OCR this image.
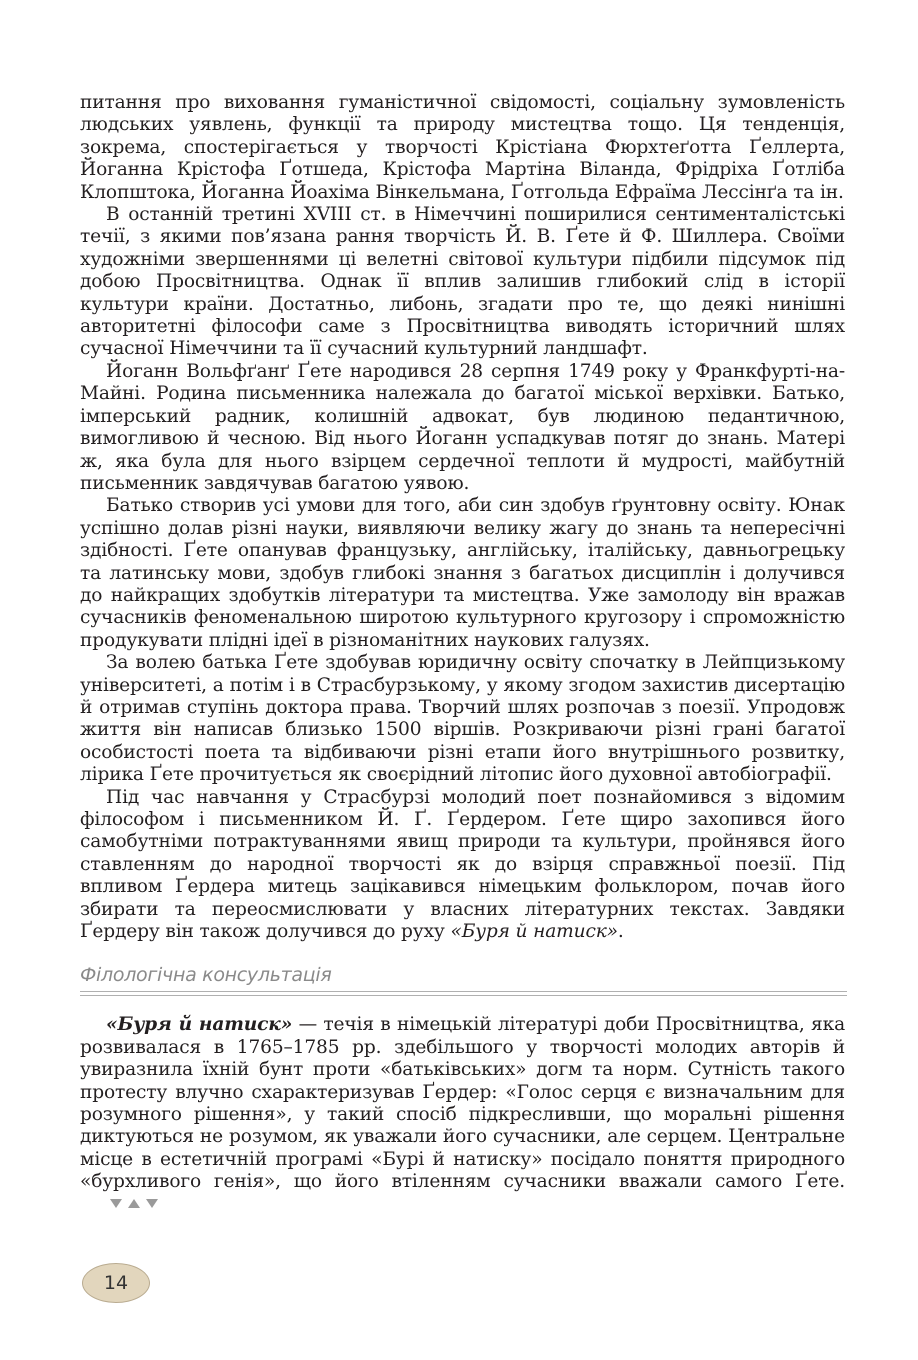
питання про виховання гуманістичної свідомості, соціальну зумовленість людських уявлень, функції та природу мистецтва тощо. Ця тенденція, зокрема, спостерігається у творчості Крістіана Фюрхтеґотта Ґеллерта, Йоганна Крістофа Ґотшеда, Крістофа Мартіна Віланда, Фрідріха Ґотліба Клопштока, Йоганна Йоахіма Вінкельмана, Ґотгольда Ефраїма Лессінґа та ін.

В останній третині XVIII ст. в Німеччині поширилися сентименталістські течії, з якими пов’язана рання творчість Й. В. Ґете й Ф. Шиллера. Своїми художніми звершеннями ці велетні світової культури підбили підсумок під добою Просвітництва. Однак її вплив залишив глибокий слід в історії культури країни. Достатньо, либонь, згадати про те, що деякі нинішні авторитетні філософи саме з Просвітництва виводять історичний шлях сучасної Німеччини та її сучасний культурний ландшафт.

Йоганн Вольфґанґ Ґете народився 28 серпня 1749 року у Франкфурті-на-Майні. Родина письменника належала до багатої міської верхівки. Батько, імперський радник, колишній адвокат, був людиною педантичною, вимогливою й чесною. Від нього Йоганн успадкував потяг до знань. Матері ж, яка була для нього взірцем сердечної теплоти й мудрості, майбутній письменник завдячував багатою уявою.

Батько створив усі умови для того, аби син здобув ґрунтовну освіту. Юнак успішно долав різні науки, виявляючи велику жагу до знань та непересічні здібності. Ґете опанував французьку, англійську, італійську, давньогрецьку та латинську мови, здобув глибокі знання з багатьох дисциплін і долучився до найкращих здобутків літератури та мистецтва. Уже замолоду він вражав сучасників феноменальною широтою культурного кругозору і спроможністю продукувати плідні ідеї в різноманітних наукових галузях.

За волею батька Ґете здобував юридичну освіту спочатку в Лейпцизькому університеті, а потім і в Страсбурзькому, у якому згодом захистив дисертацію й отримав ступінь доктора права. Творчий шлях розпочав з поезії. Упродовж життя він написав близько 1500 віршів. Розкриваючи різні грані багатої особистості поета та відбиваючи різні етапи його внутрішнього розвитку, лірика Ґете прочитується як своєрідний літопис його духовної автобіографії.

Під час навчання у Страсбурзі молодий поет познайомився з відомим філософом і письменником Й. Ґ. Ґердером. Ґете щиро захопився його самобутніми потрактуваннями явищ природи та культури, пройнявся його ставленням до народної творчості як до взірця справжньої поезії. Під впливом Ґердера митець зацікавився німецьким фольклором, почав його збирати та переосмислювати у власних літературних текстах. Завдяки Ґердеру він також долучився до руху «Буря й натиск».

Філологічна консультація

«Буря й натиск» — течія в німецькій літературі доби Просвітництва, яка розвивалася в 1765–1785 рр. здебільшого у творчості молодих авторів й увиразнила їхній бунт проти «батьківських» догм та норм. Сутність такого протесту влучно схарактеризував Ґердер: «Голос серця є визначальним для розумного рішення», у такий спосіб підкресливши, що моральні рішення диктуються не розумом, як уважали його сучасники, але серцем. Центральне місце в естетичній програмі «Бурі й натиску» посідало поняття природного «бурхливого генія», що його втіленням сучасники вважали самого Ґете.

14
